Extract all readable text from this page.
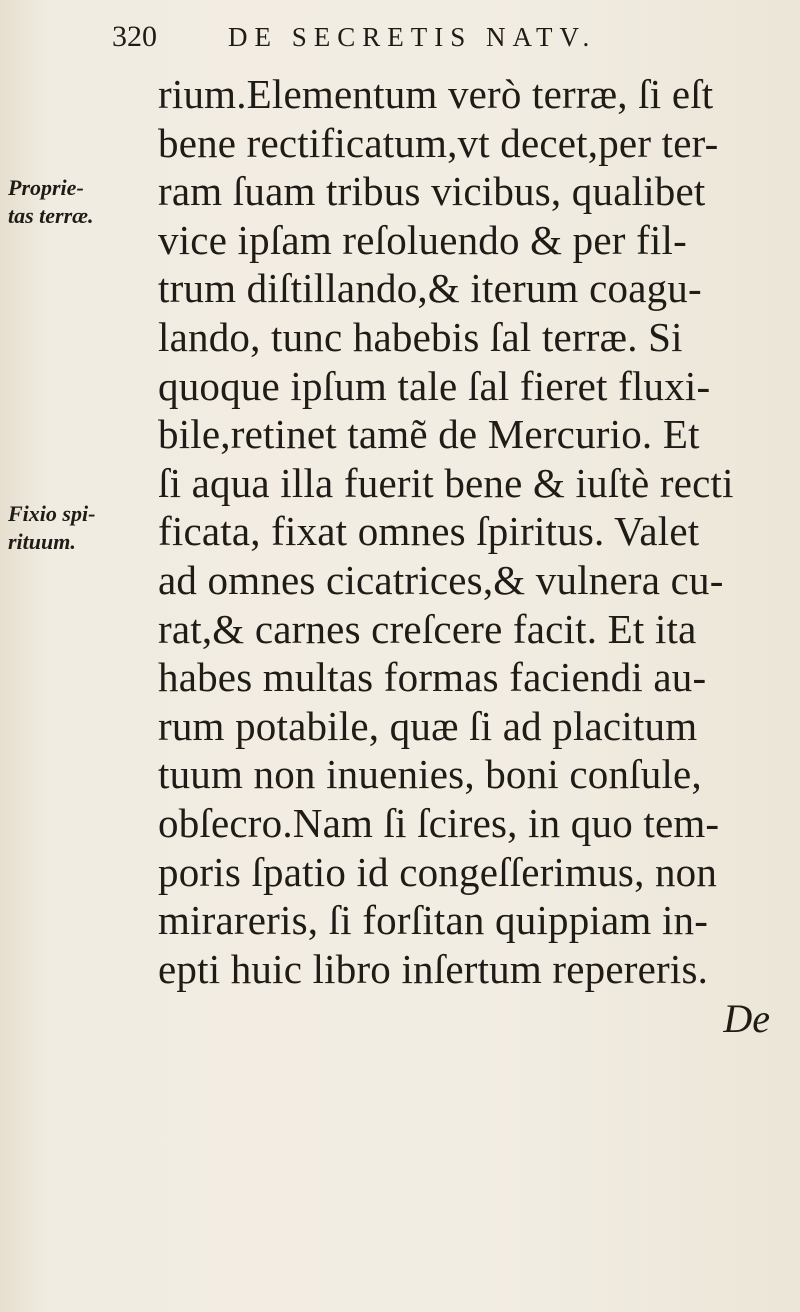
320	DE SECRETIS NATV.
Proprie-
tas terræ.
Fixio spi-
rituum.
rium.Elementum verò terræ, ſi eſt
bene rectificatum,vt decet,per ter-
ram ſuam tribus vicibus, qualibet
vice ipſam reſoluendo & per fil-
trum diſtillando,& iterum coagu-
lando, tunc habebis ſal terræ. Si
quoque ipſum tale ſal fieret fluxi-
bile,retinet tamẽ de Mercurio. Et
ſi aqua illa fuerit bene & iuſtè recti
ficata, fixat omnes ſpiritus. Valet
ad omnes cicatrices,& vulnera cu-
rat,& carnes creſcere facit. Et ita
habes multas formas faciendi au-
rum potabile, quæ ſi ad placitum
tuum non inuenies, boni conſule,
obſecro.Nam ſi ſcires, in quo tem-
poris ſpatio id congeſſerimus, non
mirareris, ſi forſitan quippiam in-
epti huic libro inſertum repereris.
De
